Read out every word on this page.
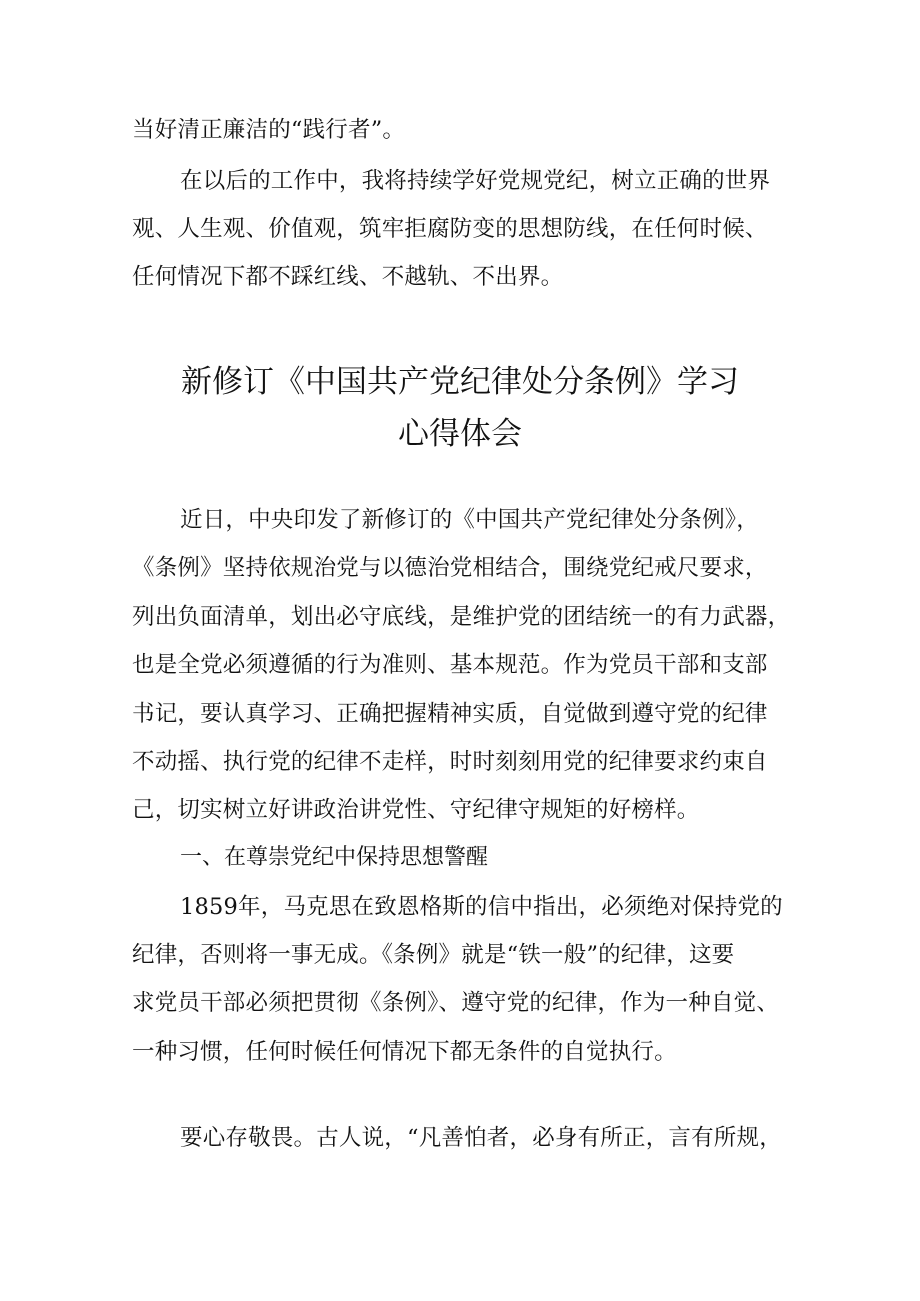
当好清正廉洁的“践行者”。
在以后的工作中，我将持续学好党规党纪，树立正确的世界
观、人生观、价值观，筑牢拒腐防变的思想防线，在任何时候、
任何情况下都不踩红线、不越轨、不出界。
新修订《中国共产党纪律处分条例》学习
心得体会
近日，中央印发了新修订的《中国共产党纪律处分条例》，
《条例》坚持依规治党与以德治党相结合，围绕党纪戒尺要求，
列出负面清单，划出必守底线，是维护党的团结统一的有力武器，
也是全党必须遵循的行为准则、基本规范。作为党员干部和支部
书记，要认真学习、正确把握精神实质，自觉做到遵守党的纪律
不动摇、执行党的纪律不走样，时时刻刻用党的纪律要求约束自
己，切实树立好讲政治讲党性、守纪律守规矩的好榜样。
一、在尊崇党纪中保持思想警醒
1859年，马克思在致恩格斯的信中指出，必须绝对保持党的
纪律，否则将一事无成。《条例》就是“铁一般”的纪律，这要
求党员干部必须把贯彻《条例》、遵守党的纪律，作为一种自觉、
一种习惯，任何时候任何情况下都无条件的自觉执行。
要心存敬畏。古人说，“凡善怕者，必身有所正，言有所规，
